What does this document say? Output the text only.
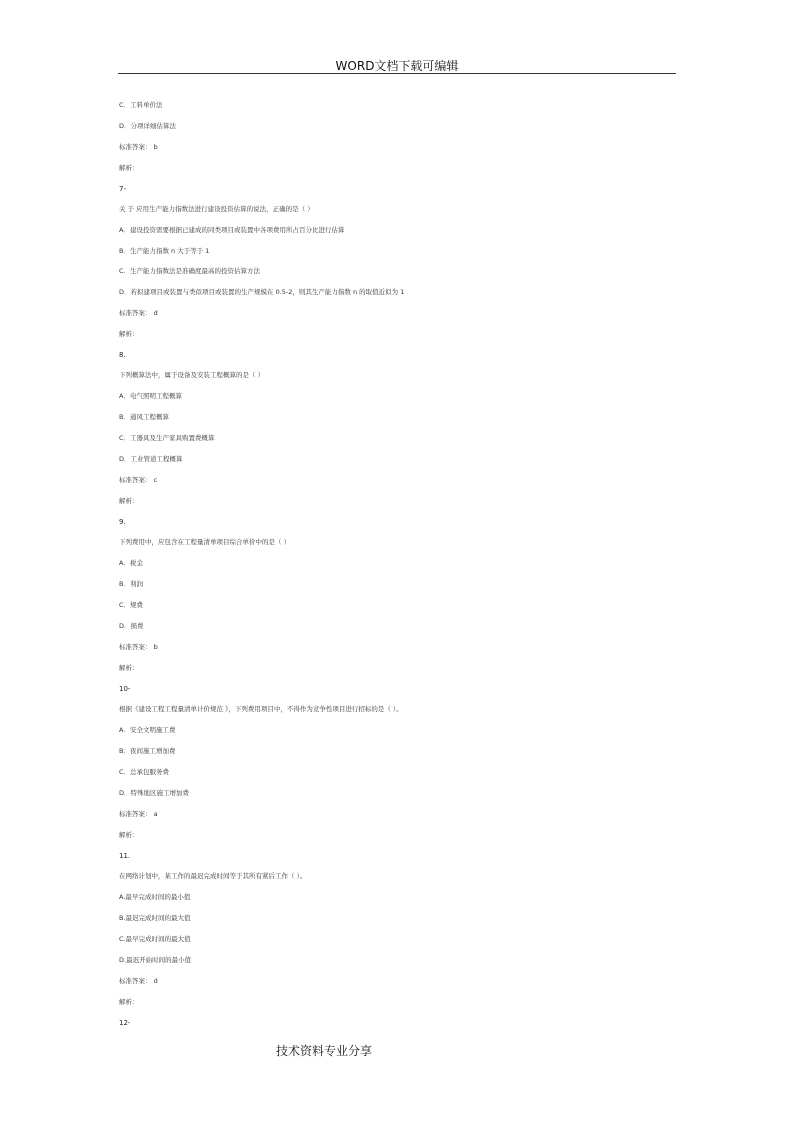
WORD文档下载可编辑
C．工料单价法
D．分项详细估算法
标准答案： b
解析：
7-
关 于 应用生产能力指数法进行建设投资估算的说法，正确的是（ ）
A．建设投资需要根据已建成的同类项目或装置中各项费用所占百分比进行估算
B．生产能力指数 n 大于等于 1
C．生产能力指数法是准确度最高的投资估算方法
D．若拟建项目或装置与类似项目或装置的生产规模在 0.5-2，则其生产能力指数 n 的取值近似为 1
标准答案： d
解析：
8.
下列概算法中，属于设备及安装工程概算的是（ ）
A．电气照明工程概算
B．通风工程概算
C．工器具及生产家具购置费概算
D．工业管道工程概算
标准答案： c
解析：
9.
下列费用中，应包含在工程量清单项目综合单价中的是（ ）
A．税金
B．利润
C．规费
D．损费
标准答案： b
解析：
10-
根据《建设工程工程量清单计价规范 》，下列费用项目中，不得作为竞争性项目进行招标的是（ ）。
A．安全文明施工费
B．夜间施工增加费
C．总承包服务费
D．特殊地区施工增加费
标准答案： a
解析：
11.
在网络计划中，某工作的最迟完成时间等于其所有紧后工作（ ）。
A.最早完成时间的最小值
B.最迟完成时间的最大值
C.最早完成时间的最大值
D.最迟开始时间的最小值
标准答案： d
解析：
12-
技术资料专业分享
